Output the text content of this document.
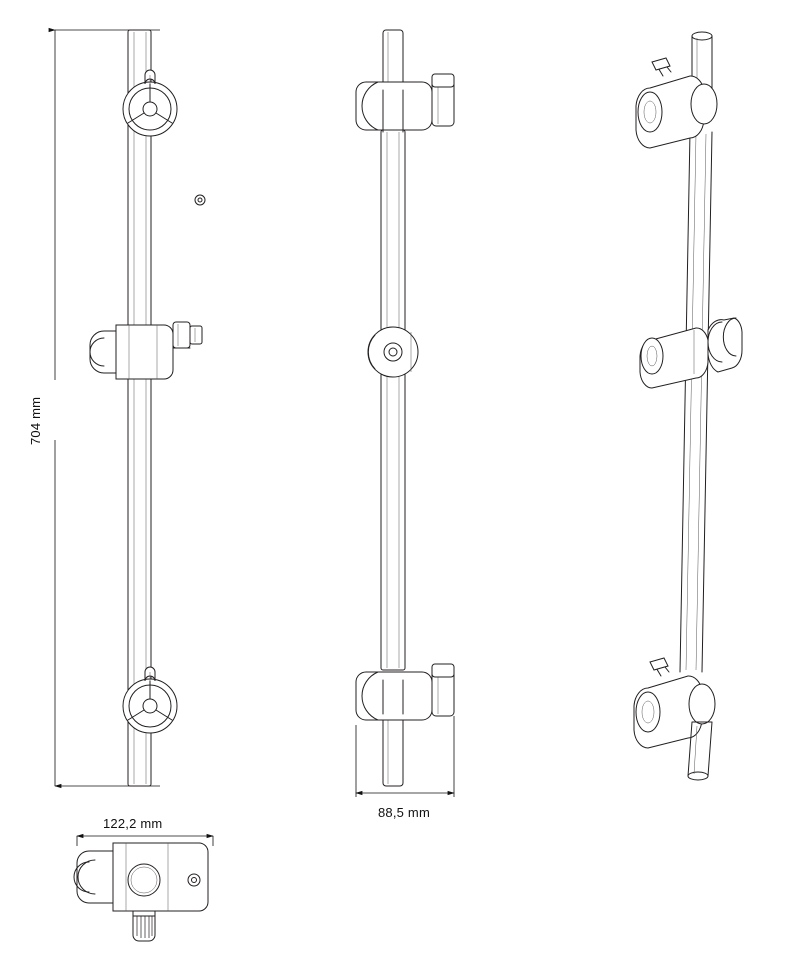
704 mm
88,5 mm
122,2 mm
